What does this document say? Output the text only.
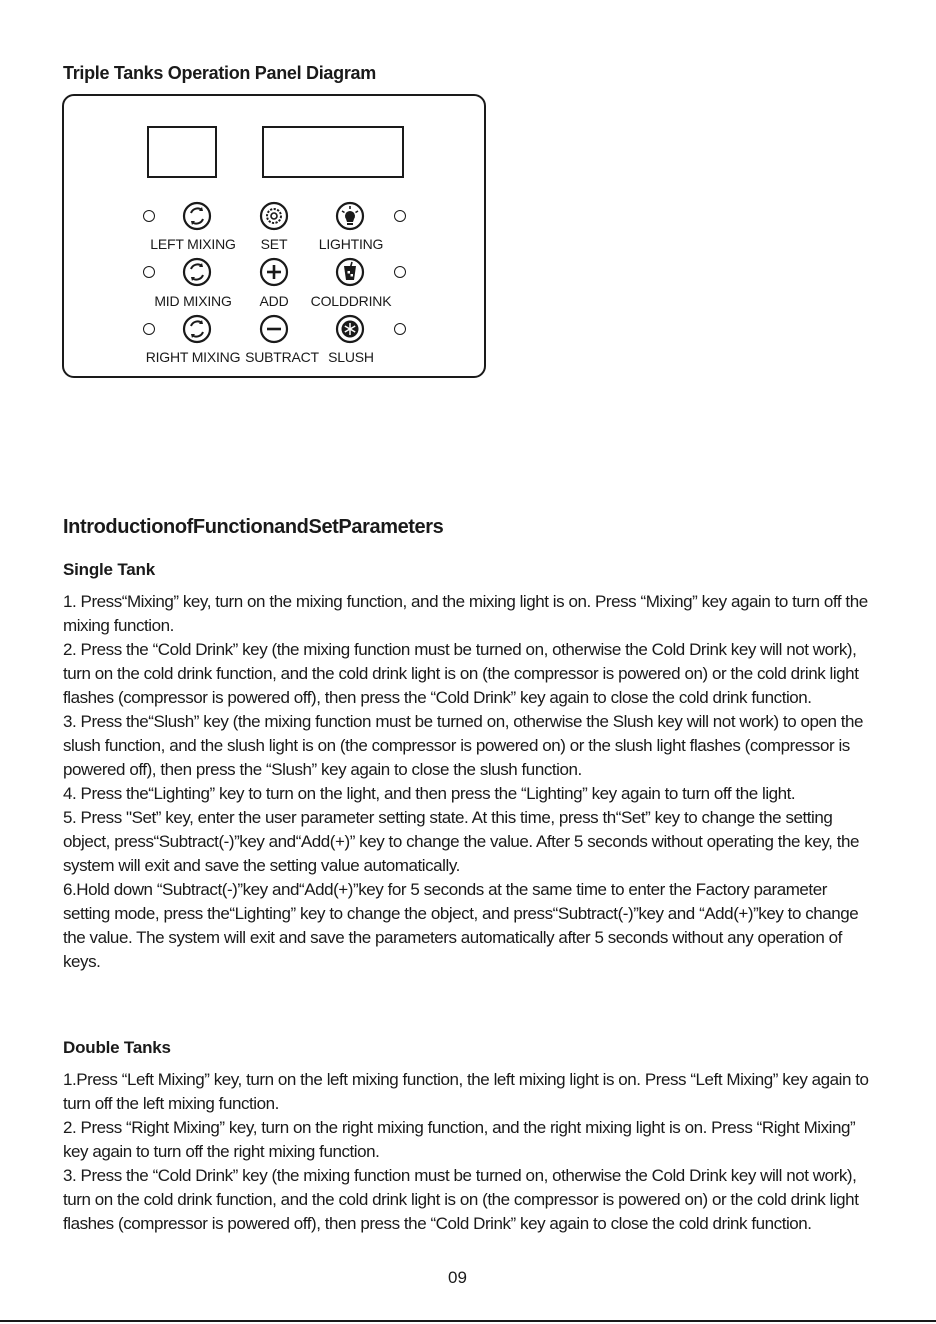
Triple Tanks Operation Panel Diagram
LEFT MIXING	SET	LIGHTING
MID MIXING	ADD	COLDDRINK
RIGHT MIXING SUBTRACT SLUSH
IntroductionofFunctionandSetParameters
Single Tank

1. Press“Mixing” key, turn on the mixing function, and the mixing light is on. Press “Mixing” key again to turn off the mixing function.

2. Press the “Cold Drink” key (the mixing function must be turned on, otherwise the Cold Drink key will not work), turn on the cold drink function, and the cold drink light is on (the compressor is powered on) or the cold drink light flashes (compressor is powered off), then press the “Cold Drink” key again to close the cold drink function.

3. Press the“Slush” key (the mixing function must be turned on, otherwise the Slush key will not work) to open the slush function, and the slush light is on (the compressor is powered on) or the slush light flashes (compressor is powered off), then press the “Slush” key again to close the slush function.

4. Press the“Lighting” key to turn on the light, and then press the “Lighting” key again to turn off the light.

5. Press "Set” key, enter the user parameter setting state. At this time, press th“Set” key to change the setting object, press“Subtract(-)”key and“Add(+)” key to change the value. After 5 seconds without operating the key, the system will exit and save the setting value automatically.

6.Hold down “Subtract(-)”key and“Add(+)”key for 5 seconds at the same time to enter the Factory parameter setting mode, press the“Lighting” key to change the object, and press“Subtract(-)”key and “Add(+)”key to change the value. The system will exit and save the parameters automatically after 5 seconds without any operation of keys.

Double Tanks

1.Press “Left Mixing” key, turn on the left mixing function, the left mixing light is on. Press “Left Mixing” key again to turn off the left mixing function.

2. Press “Right Mixing” key, turn on the right mixing function, and the right mixing light is on. Press “Right Mixing” key again to turn off the right mixing function.

3. Press the “Cold Drink” key (the mixing function must be turned on, otherwise the Cold Drink key will not work), turn on the cold drink function, and the cold drink light is on (the compressor is powered on) or the cold drink light flashes (compressor is powered off), then press the “Cold Drink” key again to close the cold drink function.

09
